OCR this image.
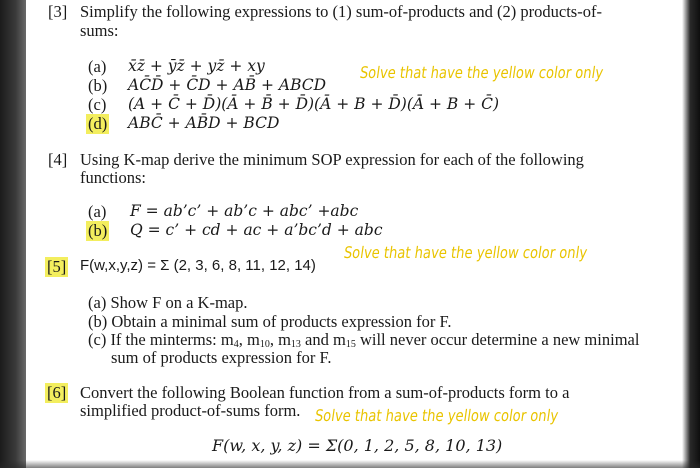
[3] Simplify the following expressions to (1) sum-of-products and (2) products-of-
sums:
(a) x̄z̄ + ȳz̄ + yz̄ + xy
(b) AC̄D̄ + C̄D + AB̄ + ABCD
(c) (A + C̄ + D̄)(Ā + B̄ + D̄)(Ā + B + D̄)(Ā + B + C̄)
(d) ABC̄ + AB̄D + BCD
Solve that have the yellow color only
[4] Using K-map derive the minimum SOP expression for each of the following
functions:
(a) F = ab’c’ + ab’c + abc’ +abc
(b) Q = c’ + cd + ac + a’bc’d + abc
Solve that have the yellow color only
[5] F(w,x,y,z) = Σ (2, 3, 6, 8, 11, 12, 14)
(a) Show F on a K-map.
(b) Obtain a minimal sum of products expression for F.
(c) If the minterms: $m_4$, $m_{10}$, $m_{13}$ and $m_{15}$ will never occur determine a new minimal
sum of products expression for F.
[6] Convert the following Boolean function from a sum-of-products form to a
simplified product-of-sums form. Solve that have the yellow color only
F(w, x, y, z) = Σ(0, 1, 2, 5, 8, 10, 13)
